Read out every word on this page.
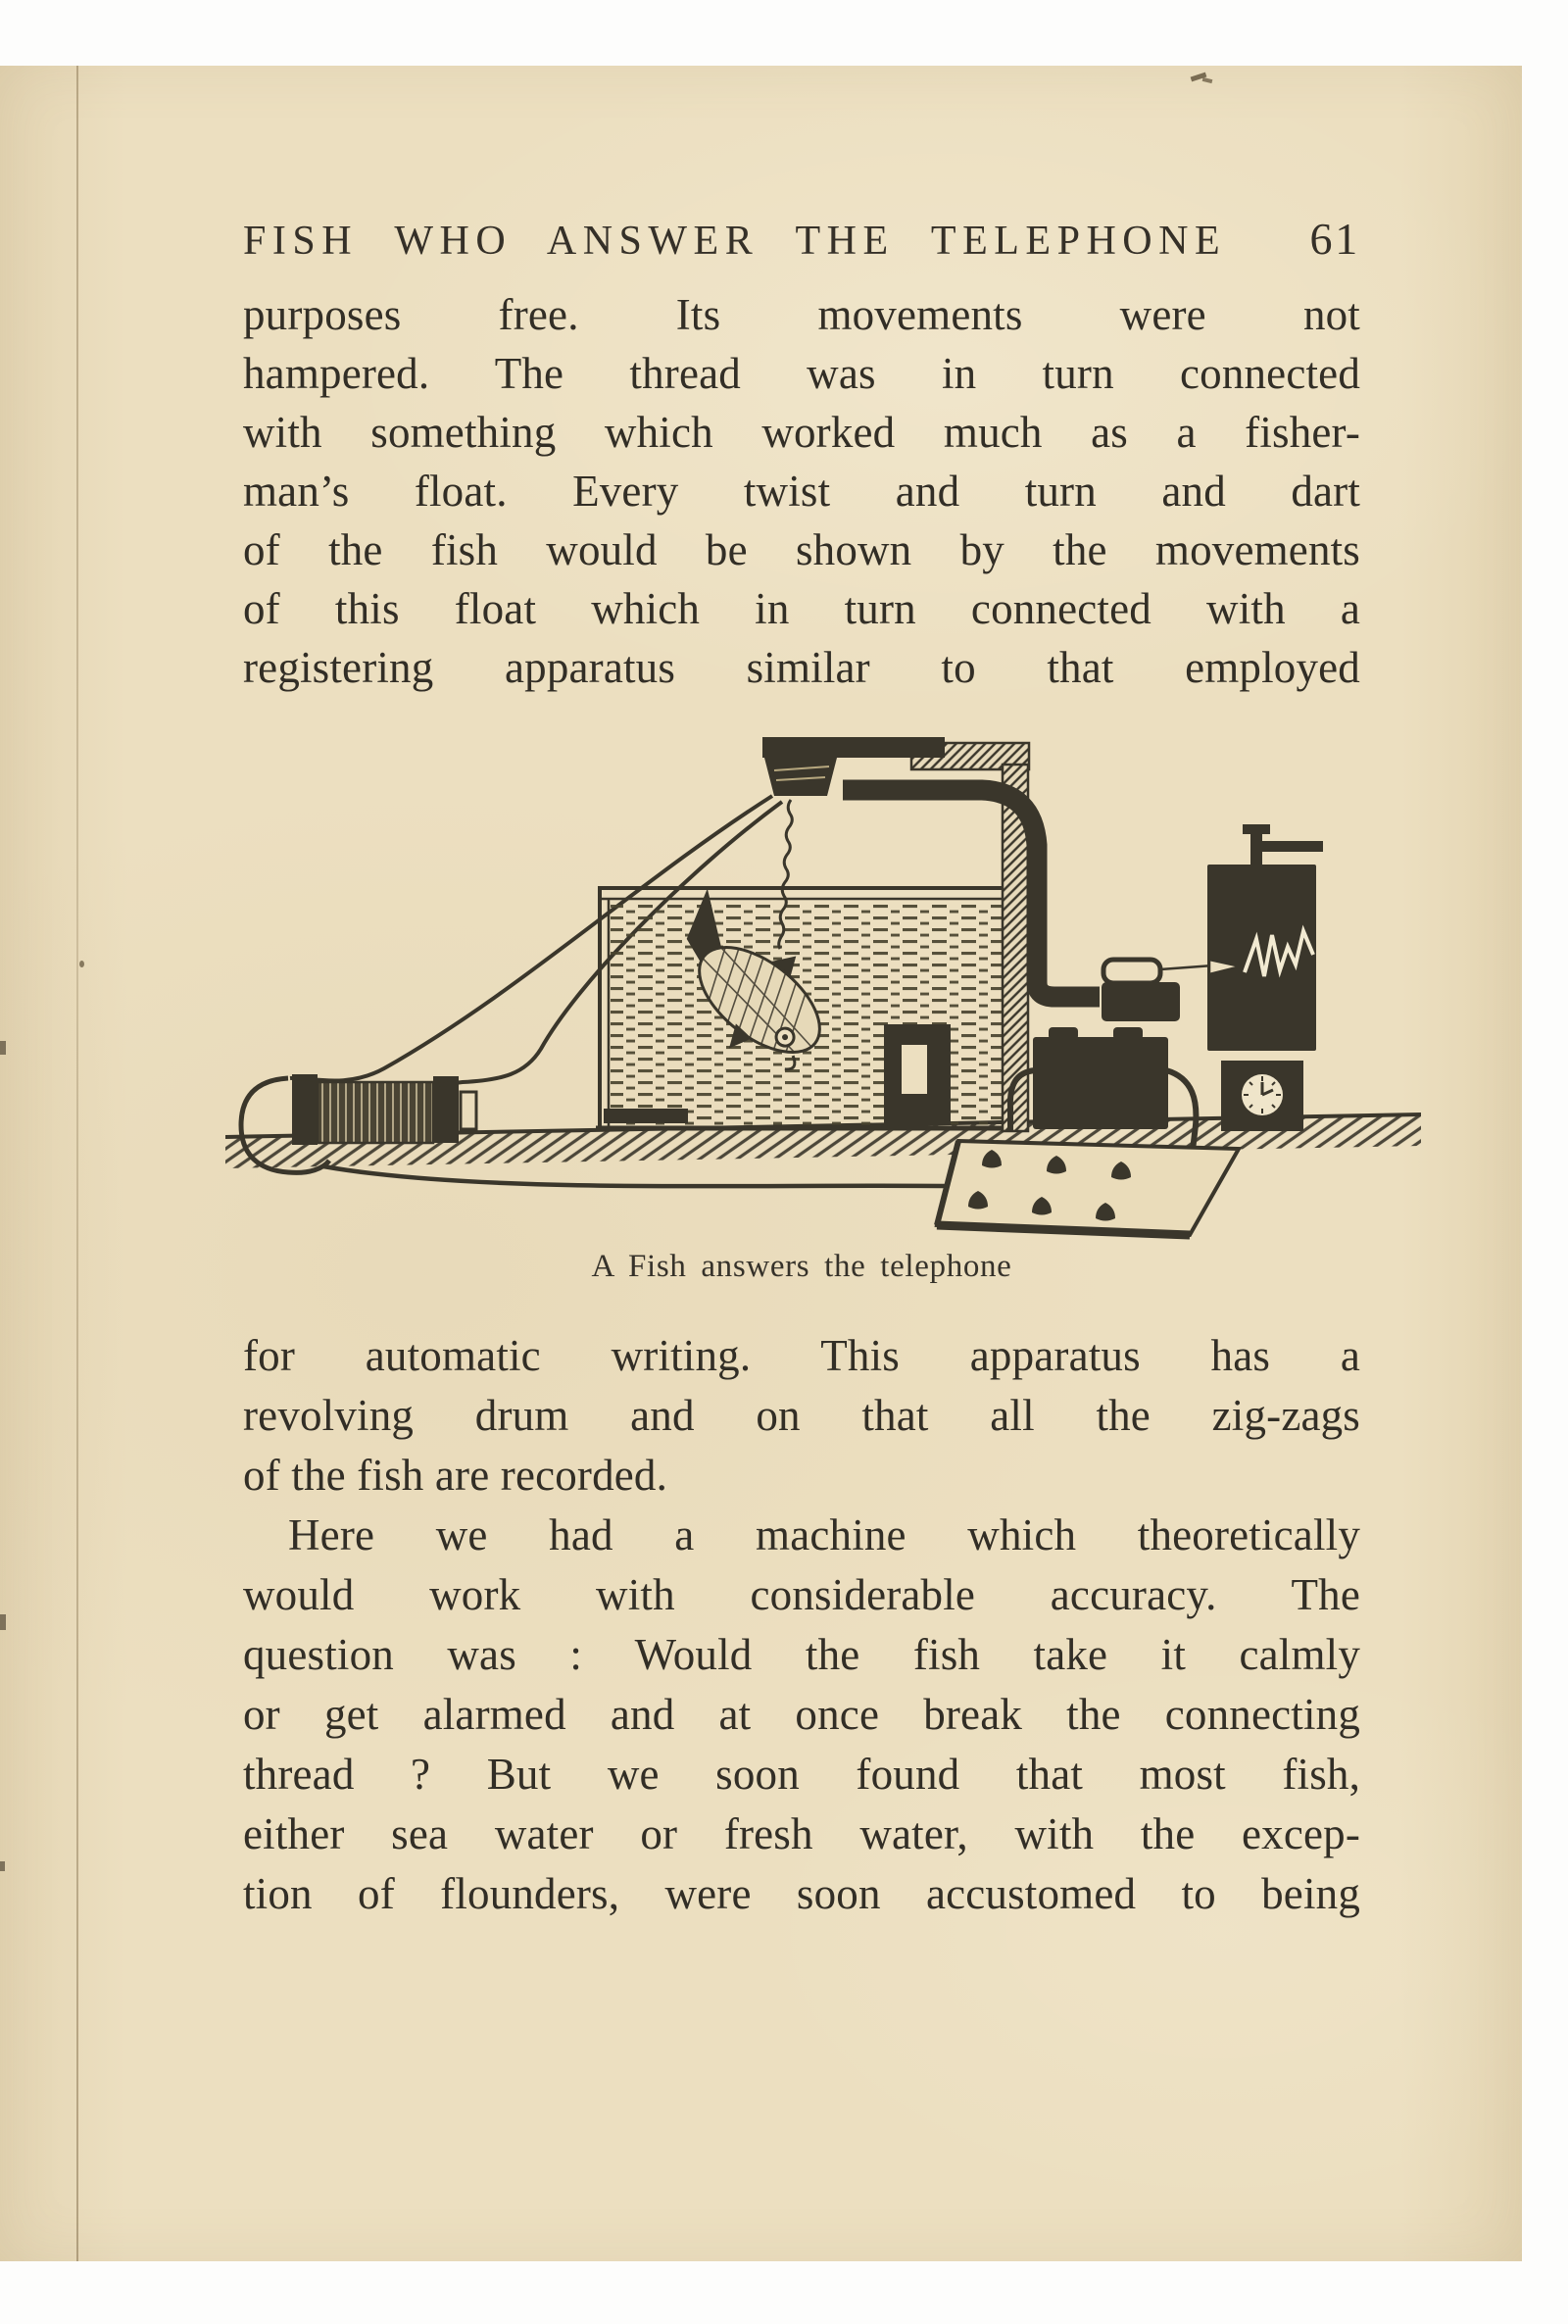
FISH WHO ANSWER THE TELEPHONE 61
purposes free. Its movements were not
hampered. The thread was in turn connected
with something which worked much as a fisher-
man’s float. Every twist and turn and dart
of the fish would be shown by the movements
of this float which in turn connected with a
registering apparatus similar to that employed
A Fish answers the telephone
for automatic writing. This apparatus has a
revolving drum and on that all the zig-zags
of the fish are recorded.
Here we had a machine which theoretically
would work with considerable accuracy. The
question was : Would the fish take it calmly
or get alarmed and at once break the connecting
thread ? But we soon found that most fish,
either sea water or fresh water, with the excep-
tion of flounders, were soon accustomed to being
